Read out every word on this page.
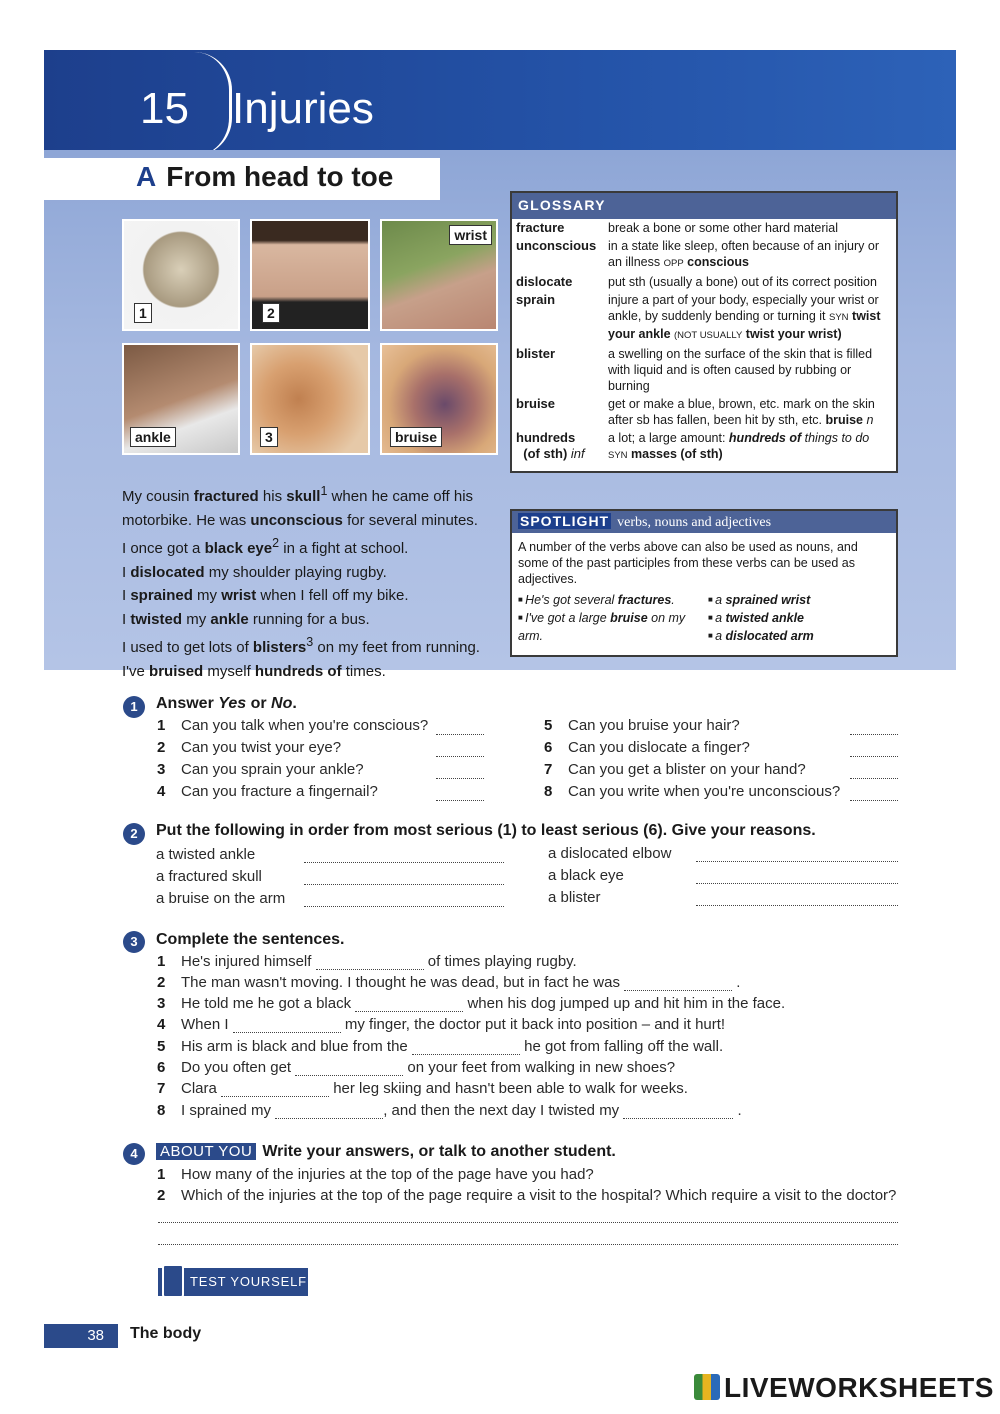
15 Injuries
A From head to toe
1	2
wrist
ankle	3	bruise

My cousin fractured his skull$^1$ when he came off his motorbike. He was unconscious for several minutes.

I once got a black eye$^2$ in a fight at school.

I dislocated my shoulder playing rugby.

I sprained my wrist when I fell off my bike.

I twisted my ankle running for a bus.

I used to get lots of blisters$^3$ on my feet from running.

I've bruised myself hundreds of times.

GLOSSARY
fracture	break a bone or some other hard material
unconscious	in a state like sleep, often because of an injury or an illness OPP conscious
dislocate	put sth (usually a bone) out of its correct position
sprain	injure a part of your body, especially your wrist or ankle, by suddenly bending or turning it SYN twist your ankle (NOT USUALLY twist your wrist)
blister	a swelling on the surface of the skin that is filled with liquid and is often caused by rubbing or burning
bruise	get or make a blue, brown, etc. mark on the skin after sb has fallen, been hit by sth, etc. bruise n
hundreds
(of sth) inf	a lot; a large amount: hundreds of things to do SYN masses (of sth)
SPOTLIGHT verbs, nouns and adjectives
A number of the verbs above can also be used as nouns, and some of the past participles from these verbs can be used as adjectives.
■ He's got several fractures.
■ I've got a large bruise on my arm.
■ a sprained wrist
■ a twisted ankle
■ a dislocated arm
1	Answer Yes or No.
1 Can you talk when you're conscious?
2 Can you twist your eye?
3 Can you sprain your ankle?
4 Can you fracture a fingernail?
5 Can you bruise your hair?
6 Can you dislocate a finger?
7 Can you get a blister on your hand?
8 Can you write when you're unconscious?
2	Put the following in order from most serious (1) to least serious (6). Give your reasons.
a twisted ankle
a fractured skull
a bruise on the arm
a dislocated elbow
a black eye
a blister
3	Complete the sentences.
1 He's injured himself	of times playing rugby.
2 The man wasn't moving. I thought he was dead, but in fact he was	.
3 He told me he got a black	when his dog jumped up and hit him in the face.
4 When I	my finger, the doctor put it back into position – and it hurt!
5 His arm is black and blue from the	he got from falling off the wall.
6 Do you often get	on your feet from walking in new shoes?
7 Clara	her leg skiing and hasn't been able to walk for weeks.
8 I sprained my	, and then the next day I twisted my	.
4	ABOUT YOU Write your answers, or talk to another student.
1 How many of the injuries at the top of the page have you had?
2 Which of the injuries at the top of the page require a visit to the hospital? Which require a visit to the doctor?
TEST YOURSELF
38	The body
LIVEWORKSHEETS
